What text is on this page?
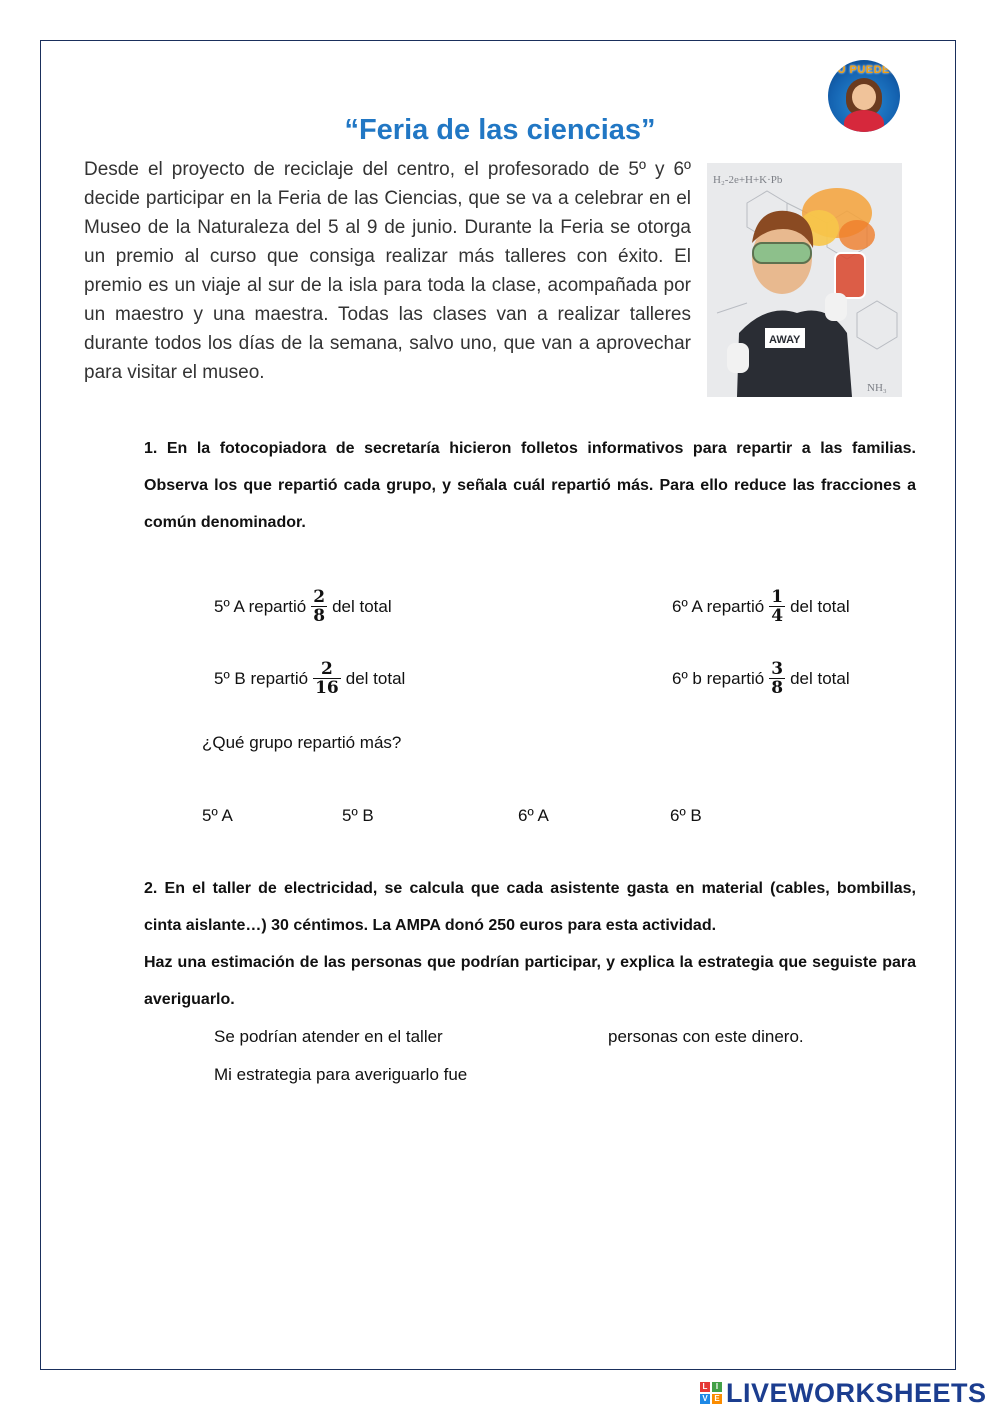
TÚ PUEDES
“Feria de las ciencias”

Desde el proyecto de reciclaje del centro, el profesorado de 5º y 6º decide participar en la Feria de las Ciencias, que se va a celebrar en el Museo de la Naturaleza del 5 al 9 de junio. Durante la Feria se otorga un premio al curso que consiga realizar más talleres con éxito. El premio es un viaje al sur de la isla para toda la clase, acompañada por un maestro y una maestra. Todas las clases van a realizar talleres durante todos los días de la semana, salvo uno, que van a aprovechar para visitar el museo.

H₂-2e+H+K·Pb
NH₃
AWAY

1. En la fotocopiadora de secretaría hicieron folletos informativos para repartir a las familias. Observa los que repartió cada grupo, y señala cuál repartió más. Para ello reduce las fracciones a común denominador.

5º A repartió $\frac{2}{8}$ del total	6º A repartió $\frac{1}{4}$ del total
5º B repartió $\frac{2}{16}$ del total	6º b repartió $\frac{3}{8}$ del total
¿Qué grupo repartió más?
5º A	5º B	6º A	6º B

2. En el taller de electricidad, se calcula que cada asistente gasta en material (cables, bombillas, cinta aislante…) 30 céntimos. La AMPA donó 250 euros para esta actividad.
Haz una estimación de las personas que podrían participar, y explica la estrategia que seguiste para averiguarlo.

Se podrían atender en el taller	personas con este dinero.
Mi estrategia para averiguarlo fue
L	I
V E LIVEWORKSHEETS
